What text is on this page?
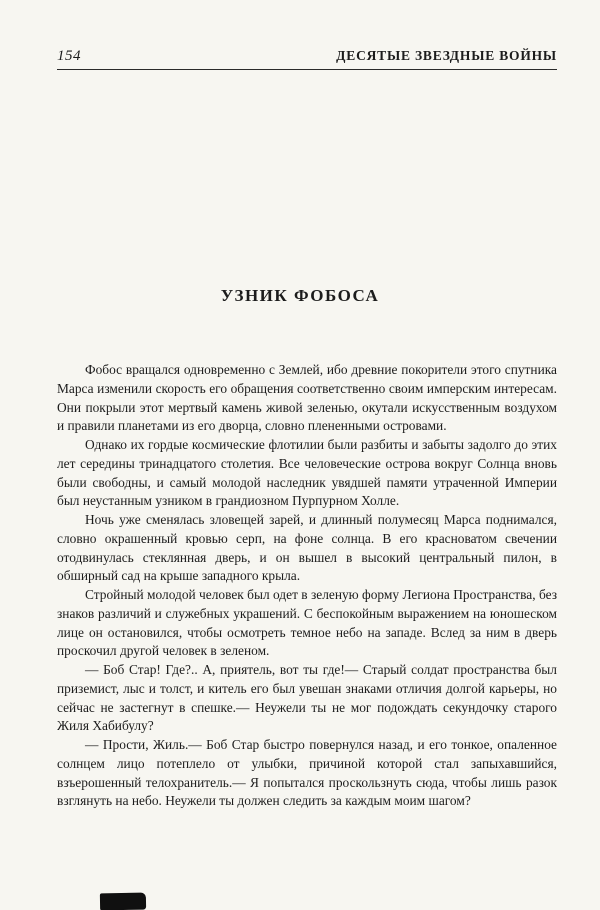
154	ДЕСЯТЫЕ ЗВЕЗДНЫЕ ВОЙНЫ
УЗНИК ФОБОСА

Фобос вращался одновременно с Землей, ибо древние покорители этого спутника Марса изменили скорость его обращения соответственно своим имперским интересам. Они покрыли этот мертвый камень живой зеленью, окутали искусственным воздухом и правили планетами из его дворца, словно плененными островами.

Однако их гордые космические флотилии были разбиты и забыты задолго до этих лет середины тринадцатого столетия. Все человеческие острова вокруг Солнца вновь были свободны, и самый молодой наследник увядшей памяти утраченной Империи был неустанным узником в грандиозном Пурпурном Холле.

Ночь уже сменялась зловещей зарей, и длинный полумесяц Марса поднимался, словно окрашенный кровью серп, на фоне солнца. В его красноватом свечении отодвинулась стеклянная дверь, и он вышел в высокий центральный пилон, в обширный сад на крыше западного крыла.

Стройный молодой человек был одет в зеленую форму Легиона Пространства, без знаков различий и служебных украшений. С беспокойным выражением на юношеском лице он остановился, чтобы осмотреть темное небо на западе. Вслед за ним в дверь проскочил другой человек в зеленом.

— Боб Стар! Где?.. А, приятель, вот ты где!— Старый солдат пространства был приземист, лыс и толст, и китель его был увешан знаками отличия долгой карьеры, но сейчас не застегнут в спешке.— Неужели ты не мог подождать секундочку старого Жиля Хабибулу?

— Прости, Жиль.— Боб Стар быстро повернулся назад, и его тонкое, опаленное солнцем лицо потеплело от улыбки, причиной которой стал запыхавшийся, взъерошенный телохранитель.— Я попытался проскользнуть сюда, чтобы лишь разок взглянуть на небо. Неужели ты должен следить за каждым моим шагом?
